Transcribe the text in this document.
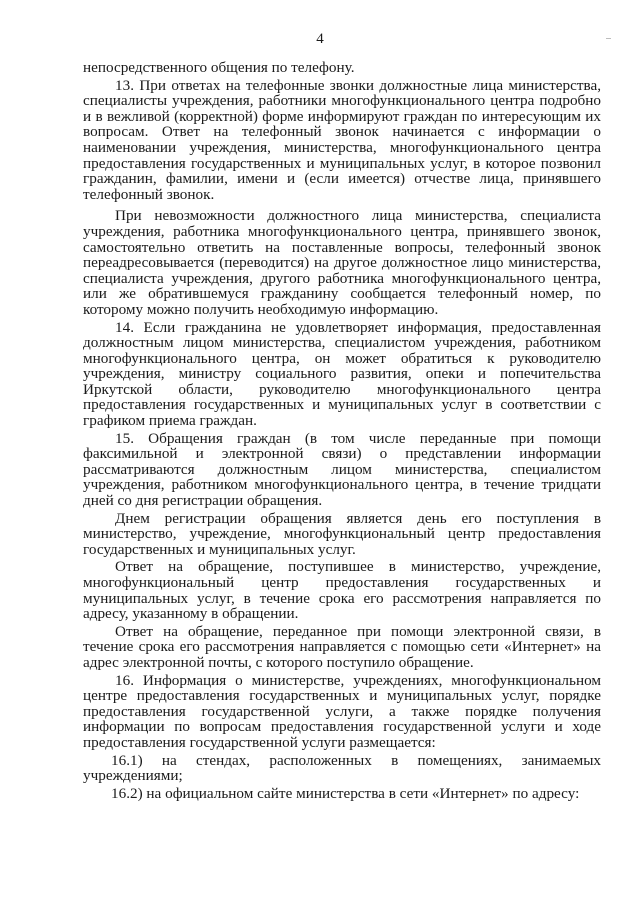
4

непосредственного общения по телефону.

13. При ответах на телефонные звонки должностные лица министерства, специалисты учреждения, работники многофункционального центра подробно и в вежливой (корректной) форме информируют граждан по интересующим их вопросам. Ответ на телефонный звонок начинается с информации о наименовании учреждения, министерства, многофункционального центра предоставления государственных и муниципальных услуг, в которое позвонил гражданин, фамилии, имени и (если имеется) отчестве лица, принявшего телефонный звонок.

При невозможности должностного лица министерства, специалиста учреждения, работника многофункционального центра, принявшего звонок, самостоятельно ответить на поставленные вопросы, телефонный звонок переадресовывается (переводится) на другое должностное лицо министерства, специалиста учреждения, другого работника многофункционального центра, или же обратившемуся гражданину сообщается телефонный номер, по которому можно получить необходимую информацию.

14. Если гражданина не удовлетворяет информация, предоставленная должностным лицом министерства, специалистом учреждения, работником многофункционального центра, он может обратиться к руководителю учреждения, министру социального развития, опеки и попечительства Иркутской области, руководителю многофункционального центра предоставления государственных и муниципальных услуг в соответствии с графиком приема граждан.

15. Обращения граждан (в том числе переданные при помощи факсимильной и электронной связи) о представлении информации рассматриваются должностным лицом министерства, специалистом учреждения, работником многофункционального центра, в течение тридцати дней со дня регистрации обращения.

Днем регистрации обращения является день его поступления в министерство, учреждение, многофункциональный центр предоставления государственных и муниципальных услуг.

Ответ на обращение, поступившее в министерство, учреждение, многофункциональный центр предоставления государственных и муниципальных услуг, в течение срока его рассмотрения направляется по адресу, указанному в обращении.

Ответ на обращение, переданное при помощи электронной связи, в течение срока его рассмотрения направляется с помощью сети «Интернет» на адрес электронной почты, с которого поступило обращение.

16. Информация о министерстве, учреждениях, многофункциональном центре предоставления государственных и муниципальных услуг, порядке предоставления государственной услуги, а также порядке получения информации по вопросам предоставления государственной услуги и ходе предоставления государственной услуги размещается:

16.1) на стендах, расположенных в помещениях, занимаемых учреждениями;

16.2) на официальном сайте министерства в сети «Интернет» по адресу:
